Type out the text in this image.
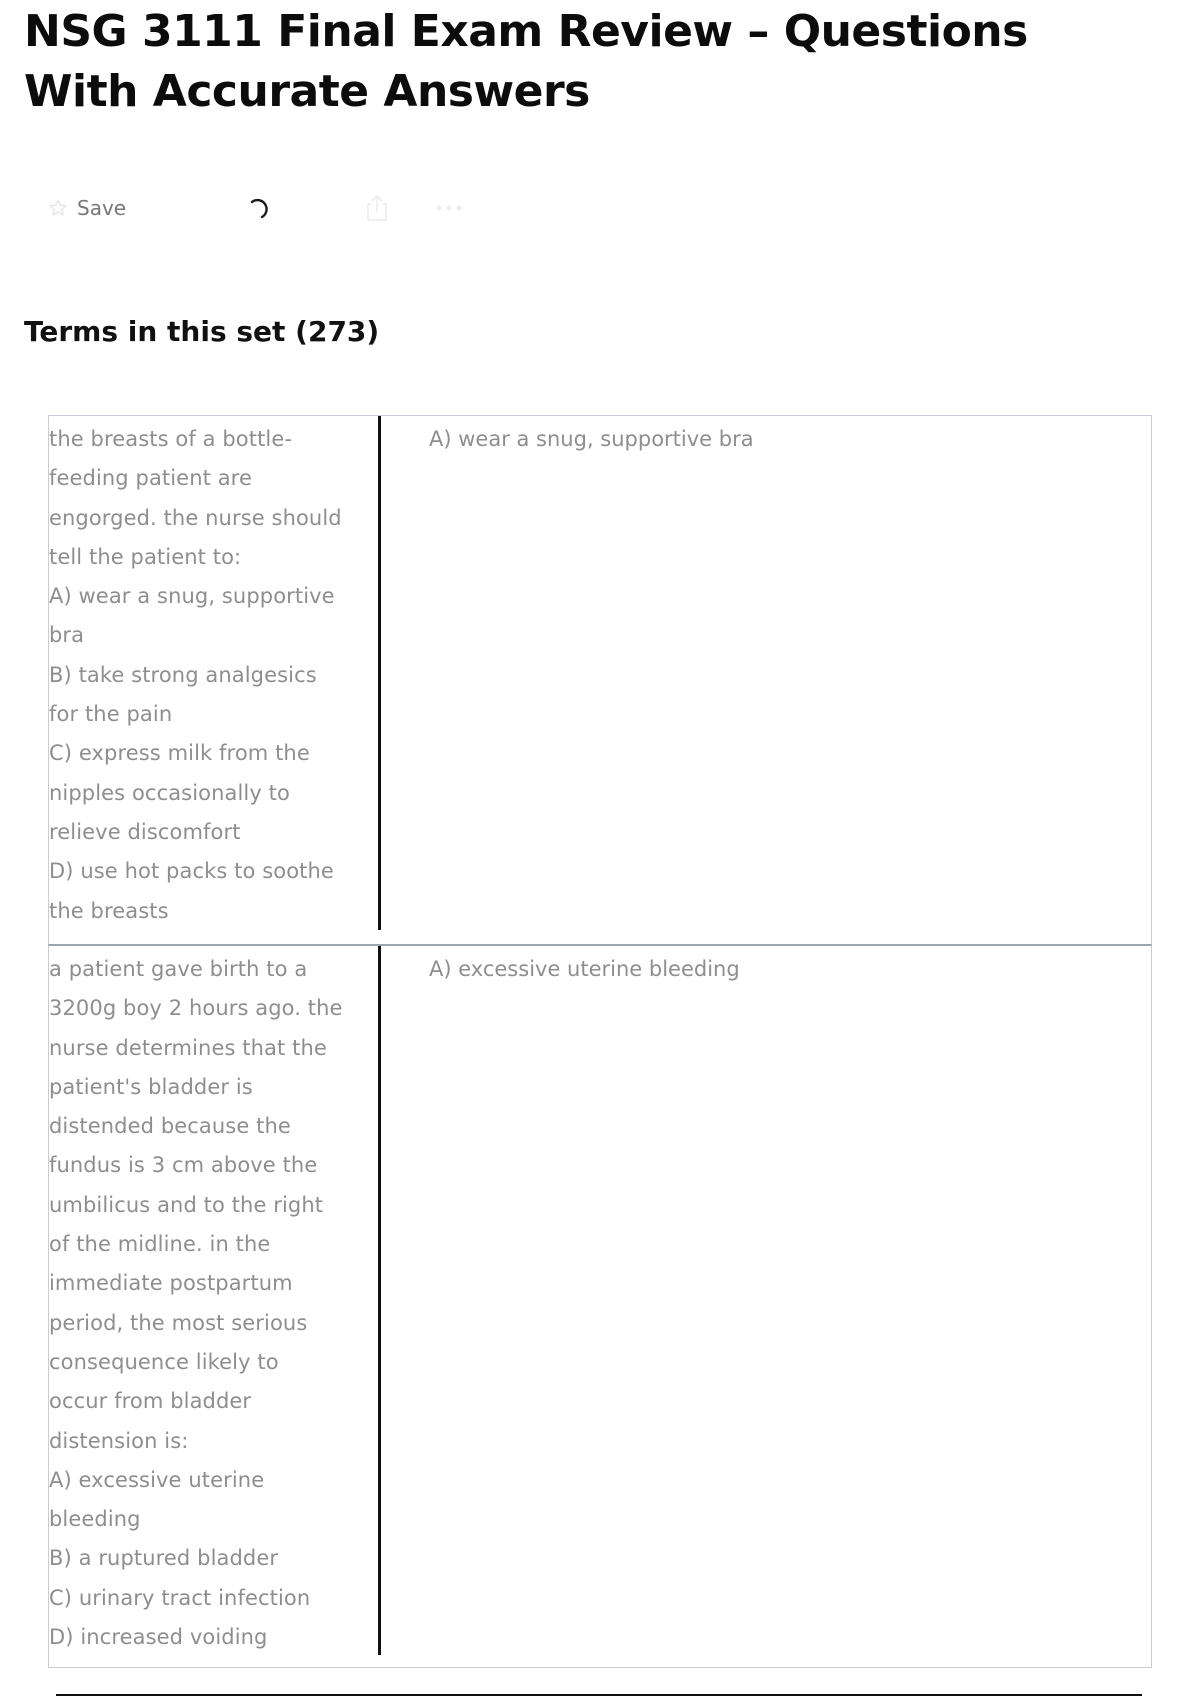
NSG 3111 Final Exam Review – Questions With Accurate Answers
Save
Terms in this set (273)
the breasts of a bottle-
feeding patient are
engorged. the nurse should
tell the patient to:
A) wear a snug, supportive
bra
B) take strong analgesics
for the pain
C) express milk from the
nipples occasionally to
relieve discomfort
D) use hot packs to soothe
the breasts
A) wear a snug, supportive bra
a patient gave birth to a
3200g boy 2 hours ago. the
nurse determines that the
patient's bladder is
distended because the
fundus is 3 cm above the
umbilicus and to the right
of the midline. in the
immediate postpartum
period, the most serious
consequence likely to
occur from bladder
distension is:
A) excessive uterine
bleeding
B) a ruptured bladder
C) urinary tract infection
D) increased voiding
A) excessive uterine bleeding
